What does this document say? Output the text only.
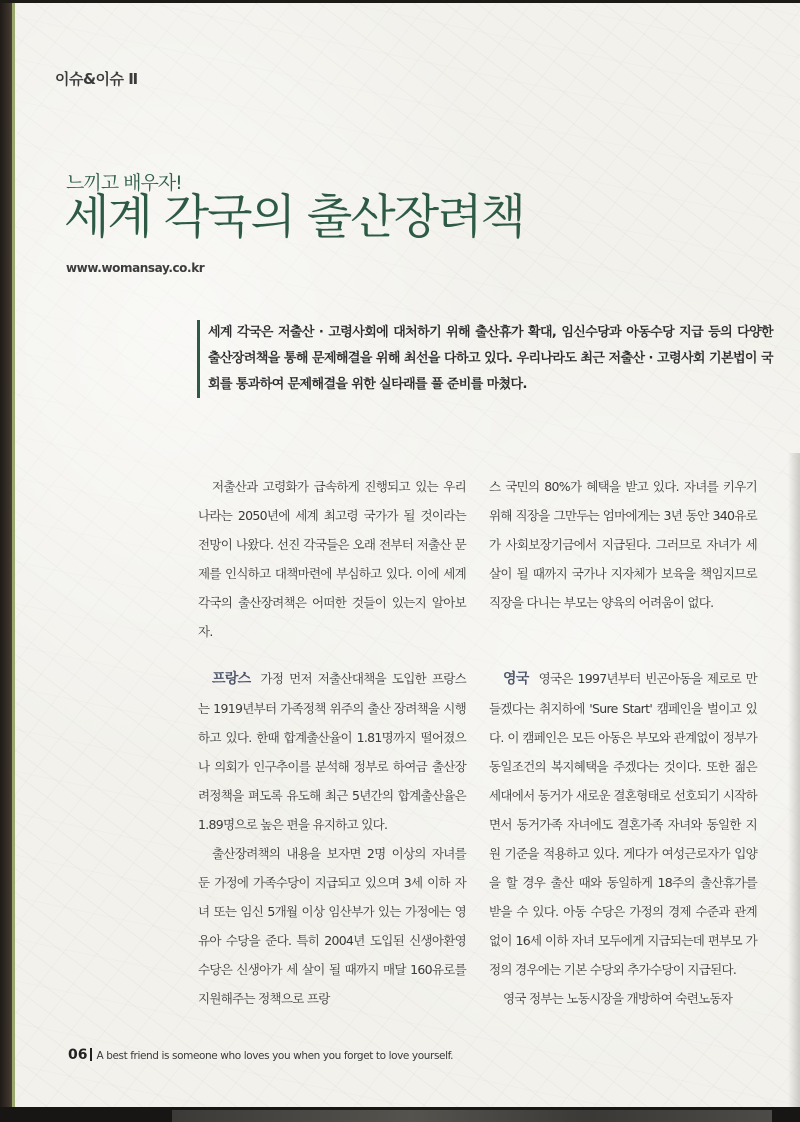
이슈&이슈 Ⅱ
느끼고 배우자!
세계 각국의 출산장려책
www.womansay.co.kr
세계 각국은 저출산 · 고령사회에 대처하기 위해 출산휴가 확대, 임신수당과 아동수당 지급 등의 다양한 출산장려책을 통해 문제해결을 위해 최선을 다하고 있다. 우리나라도 최근 저출산 · 고령사회 기본법이 국회를 통과하여 문제해결을 위한 실타래를 풀 준비를 마쳤다.

저출산과 고령화가 급속하게 진행되고 있는 우리나라는 2050년에 세계 최고령 국가가 될 것이라는 전망이 나왔다. 선진 각국들은 오래 전부터 저출산 문제를 인식하고 대책마련에 부심하고 있다. 이에 세계 각국의 출산장려책은 어떠한 것들이 있는지 알아보자.

스 국민의 80%가 혜택을 받고 있다. 자녀를 키우기 위해 직장을 그만두는 엄마에게는 3년 동안 340유로가 사회보장기금에서 지급된다. 그러므로 자녀가 세 살이 될 때까지 국가나 지자체가 보육을 책임지므로 직장을 다니는 부모는 양육의 어려움이 없다.

프랑스 가정 먼저 저출산대책을 도입한 프랑스는 1919년부터 가족정책 위주의 출산 장려책을 시행하고 있다. 한때 합계출산율이 1.81명까지 떨어졌으나 의회가 인구추이를 분석해 정부로 하여금 출산장려정책을 펴도록 유도해 최근 5년간의 합계출산율은 1.89명으로 높은 편을 유지하고 있다.

출산장려책의 내용을 보자면 2명 이상의 자녀를 둔 가정에 가족수당이 지급되고 있으며 3세 이하 자녀 또는 임신 5개월 이상 임산부가 있는 가정에는 영유아 수당을 준다. 특히 2004년 도입된 신생아환영수당은 신생아가 세 살이 될 때까지 매달 160유로를 지원해주는 정책으로 프랑

영국 영국은 1997년부터 빈곤아동을 제로로 만들겠다는 취지하에 'Sure Start' 캠페인을 벌이고 있다. 이 캠페인은 모든 아동은 부모와 관계없이 정부가 동일조건의 복지혜택을 주겠다는 것이다. 또한 젊은 세대에서 동거가 새로운 결혼형태로 선호되기 시작하면서 동거가족 자녀에도 결혼가족 자녀와 동일한 지원 기준을 적용하고 있다. 게다가 여성근로자가 입양을 할 경우 출산 때와 동일하게 18주의 출산휴가를 받을 수 있다. 아동 수당은 가정의 경제 수준과 관계없이 16세 이하 자녀 모두에게 지급되는데 편부모 가정의 경우에는 기본 수당외 추가수당이 지급된다.

영국 정부는 노동시장을 개방하여 숙련노동자

06 A best friend is someone who loves you when you forget to love yourself.
